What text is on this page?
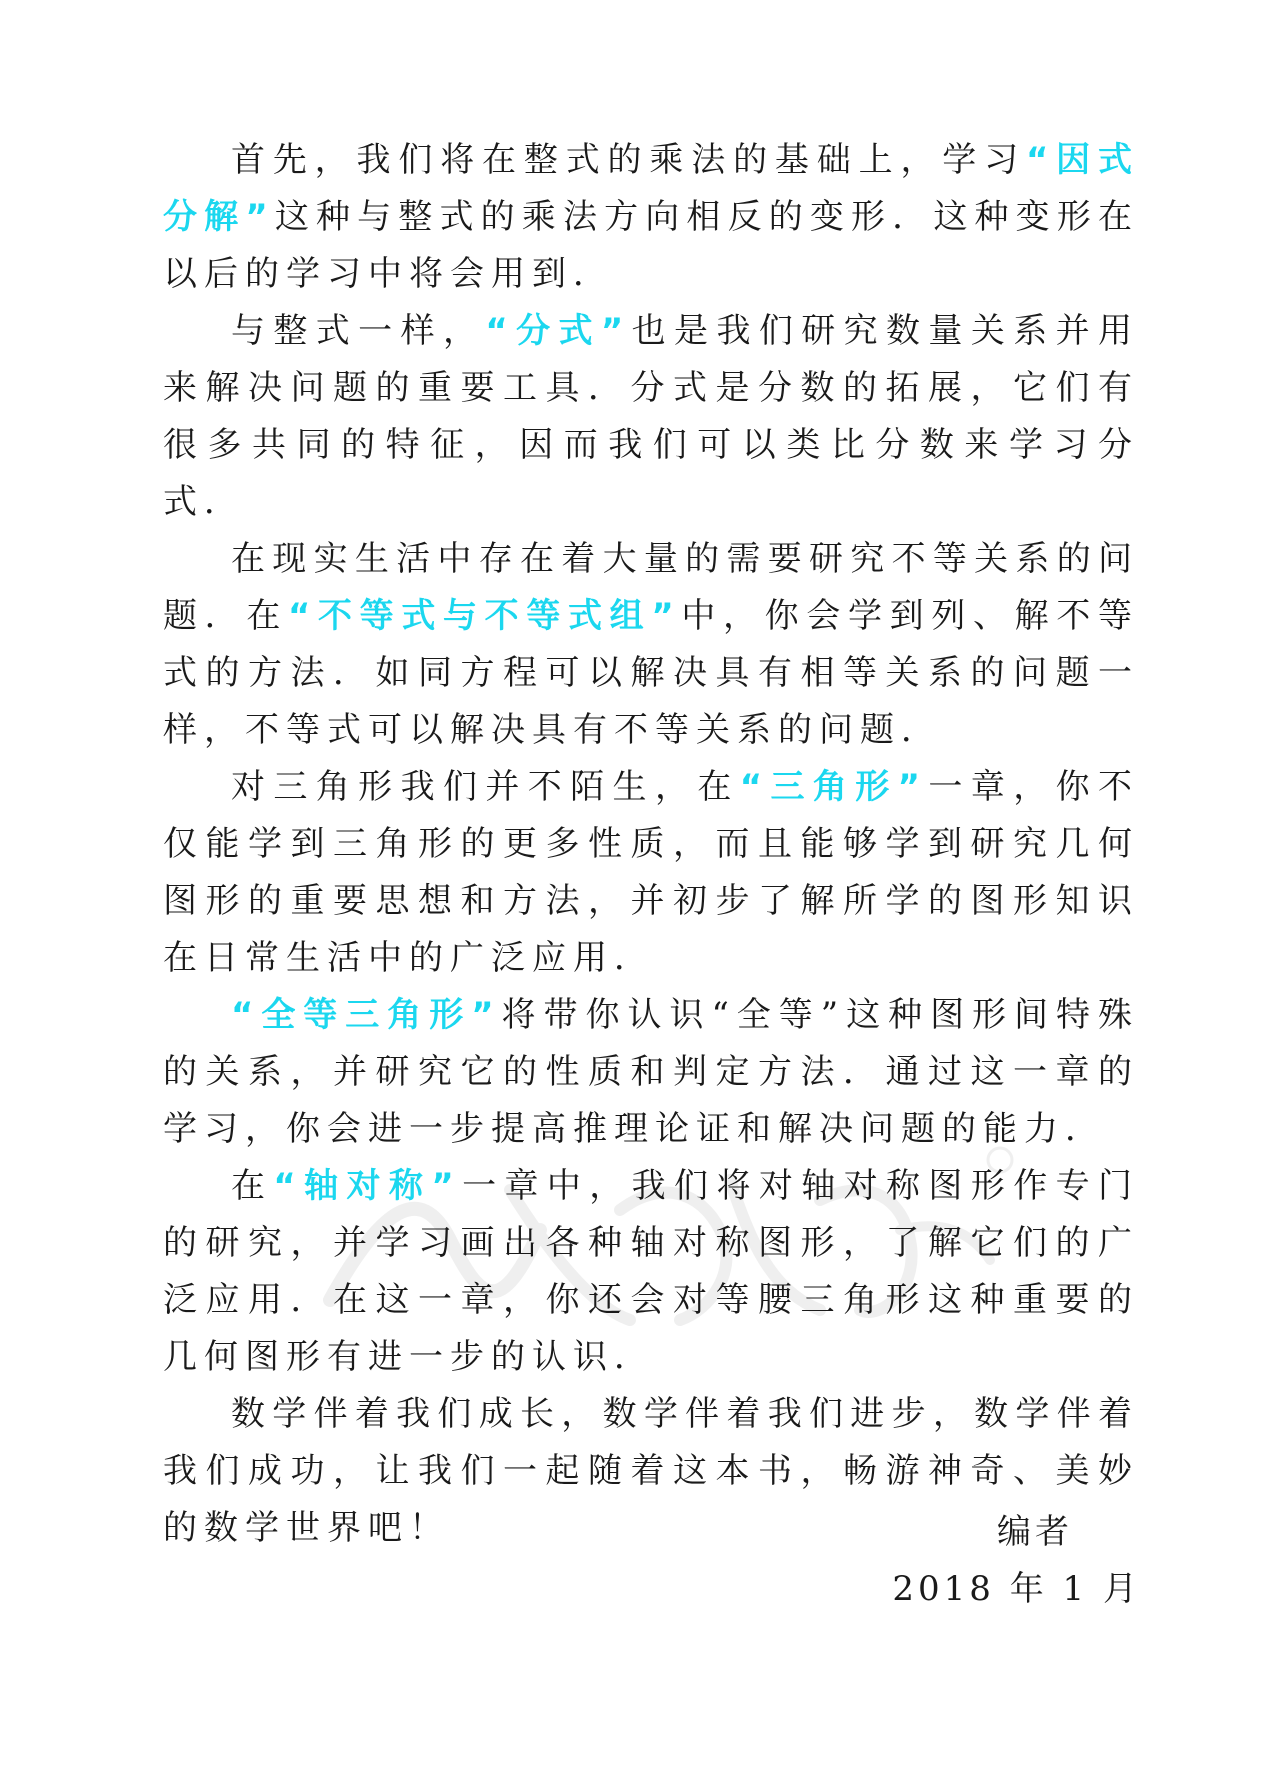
首先，我们将在整式的乘法的基础上，学习“因式分解”这种与整式的乘法方向相反的变形．这种变形在以后的学习中将会用到．

与整式一样，“分式”也是我们研究数量关系并用来解决问题的重要工具．分式是分数的拓展，它们有很多共同的特征，因而我们可以类比分数来学习分式．

在现实生活中存在着大量的需要研究不等关系的问题．在“不等式与不等式组”中，你会学到列、解不等式的方法．如同方程可以解决具有相等关系的问题一样，不等式可以解决具有不等关系的问题．

对三角形我们并不陌生，在“三角形”一章，你不仅能学到三角形的更多性质，而且能够学到研究几何图形的重要思想和方法，并初步了解所学的图形知识在日常生活中的广泛应用．

“全等三角形”将带你认识“全等”这种图形间特殊的关系，并研究它的性质和判定方法．通过这一章的学习，你会进一步提高推理论证和解决问题的能力．

在“轴对称”一章中，我们将对轴对称图形作专门的研究，并学习画出各种轴对称图形，了解它们的广泛应用．在这一章，你还会对等腰三角形这种重要的几何图形有进一步的认识．

数学伴着我们成长，数学伴着我们进步，数学伴着我们成功，让我们一起随着这本书，畅游神奇、美妙的数学世界吧！	编者
2018 年 1 月
